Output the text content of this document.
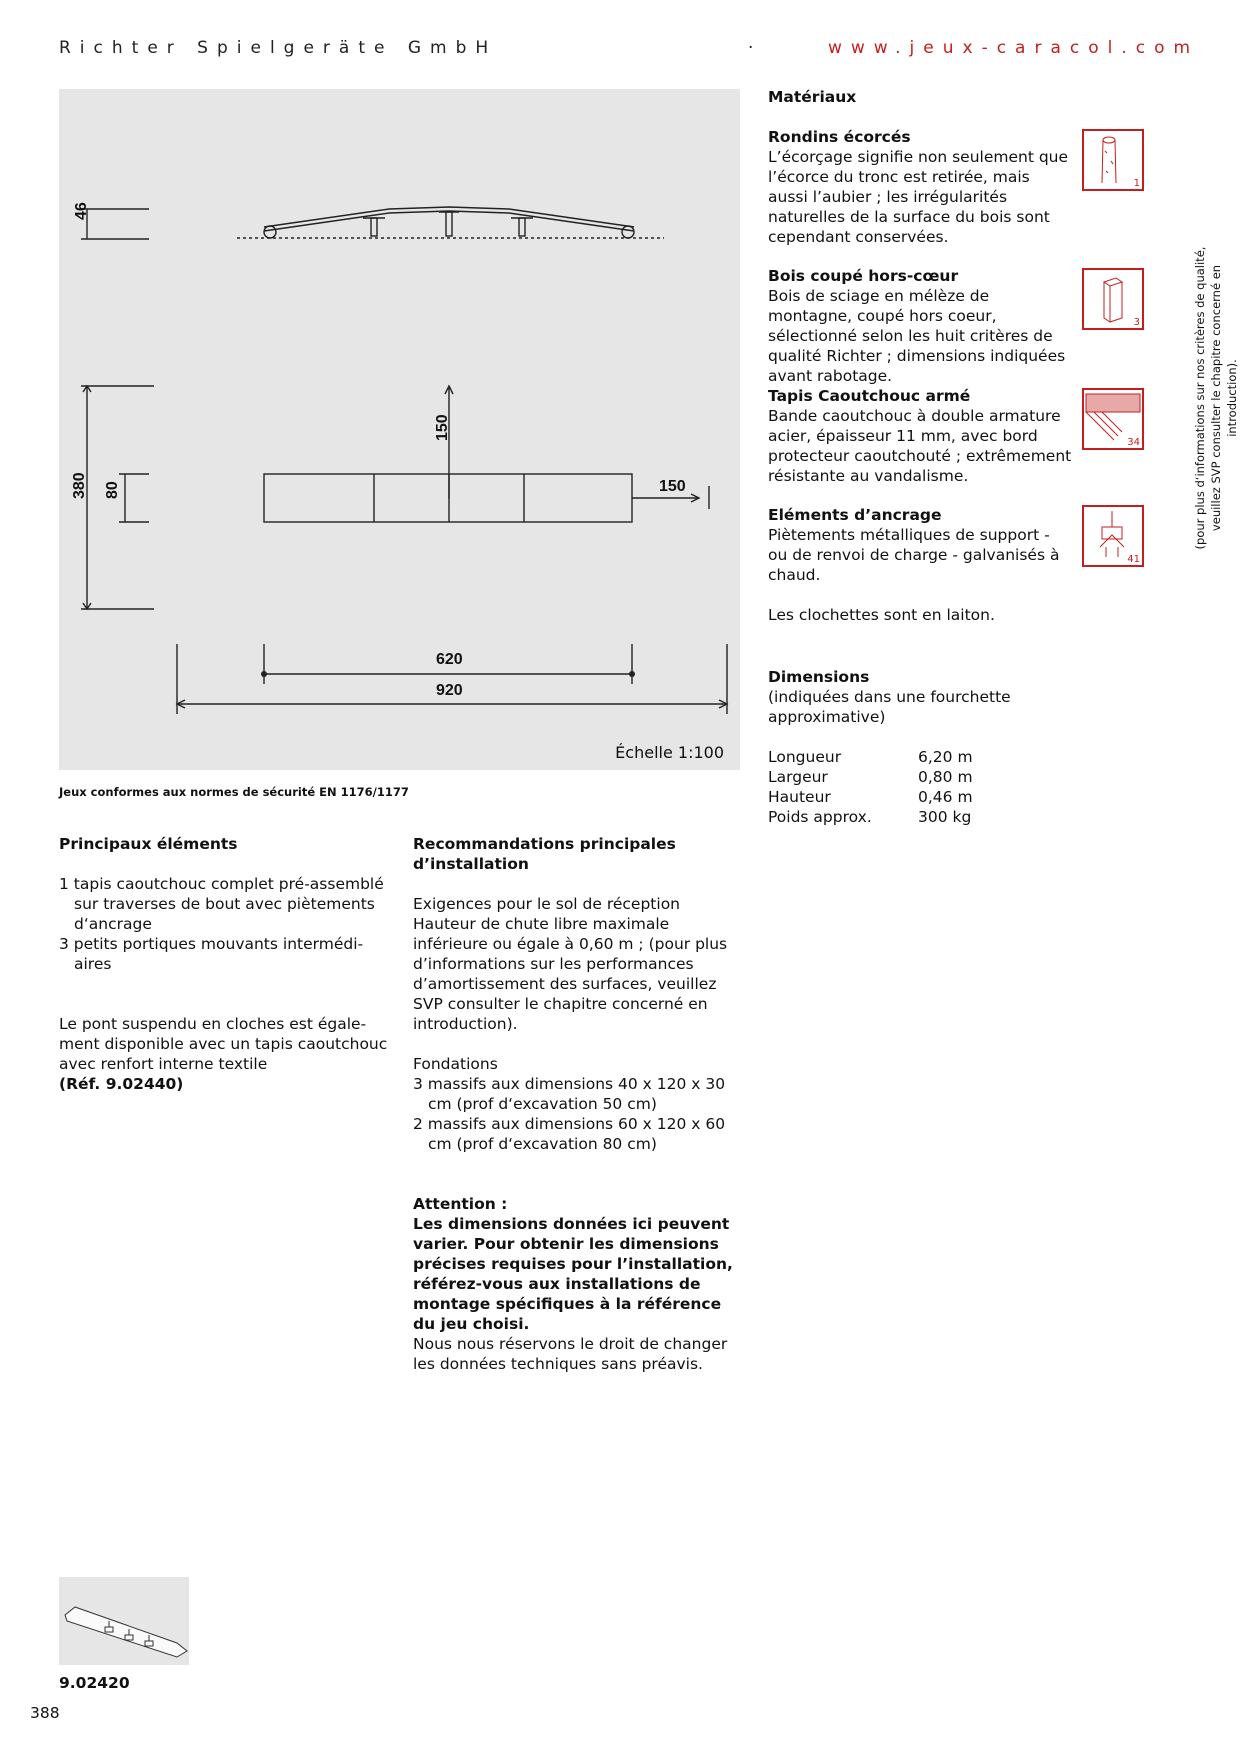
Richter Spielgeräte GmbH	·	www.jeux-caracol.com
46
380 80
150
150
620
920
Échelle 1:100
Jeux conformes aux normes de sécurité EN 1176/1177

Principaux éléments

1 tapis caoutchouc complet pré-assemblé sur traverses de bout avec piètements d‘ancrage

3 petits portiques mouvants intermédi-aires

Le pont suspendu en cloches est égale-ment disponible avec un tapis caoutchouc avec renfort interne textile

(Réf. 9.02440)

Recommandations principales d’installation

Exigences pour le sol de réception Hauteur de chute libre maximale inférieure ou égale à 0,60 m ; (pour plus d’informations sur les performances d’amortissement des surfaces, veuillez SVP consulter le chapitre concerné en introduction).

Fondations

3 massifs aux dimensions 40 x 120 x 30 cm (prof d‘excavation 50 cm)

2 massifs aux dimensions 60 x 120 x 60 cm (prof d‘excavation 80 cm)

Attention :

Les dimensions données ici peuvent varier. Pour obtenir les dimensions précises requises pour l’installation, référez-vous aux installations de montage spécifiques à la référence du jeu choisi.

Nous nous réservons le droit de changer les données techniques sans préavis.

Matériaux

Rondins écorcés

L’écorçage signifie non seulement que l’écorce du tronc est retirée, mais aussi l’aubier ; les irrégularités naturelles de la surface du bois sont cependant conservées.

1

Bois coupé hors-cœur

Bois de sciage en mélèze de montagne, coupé hors coeur, sélectionné selon les huit critères de qualité Richter ; dimensions indiquées avant rabotage.

3

Tapis Caoutchouc armé

Bande caoutchouc à double armature acier, épaisseur 11 mm, avec bord protecteur caoutchouté ; extrêmement résistante au vandalisme.

34

Eléments d’ancrage

Piètements métalliques de support - ou de renvoi de charge - galvanisés à chaud.

41
Les clochettes sont en laiton.

Dimensions

(indiquées dans une fourchette approximative)

Longueur	6,20 m
Largeur	0,80 m
Hauteur	0,46 m
Poids approx.	300 kg
(pour plus d‘informations sur nos critères de qualité, veuillez SVP consulter le chapitre concerné en introduction).
9.02420
388
